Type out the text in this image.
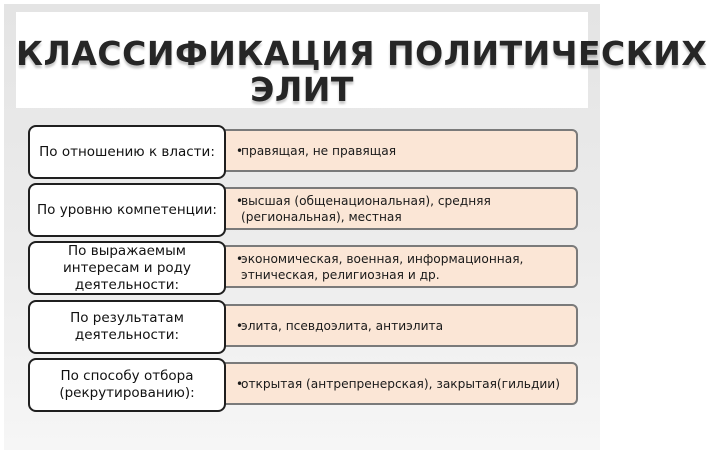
КЛАССИФИКАЦИЯ ПОЛИТИЧЕСКИХ
ЭЛИТ
•
правящая, не правящая
По отношению к власти:
•
высшая (общенациональная), средняя (региональная), местная
По уровню компетенции:
•
экономическая, военная, информационная, этническая, религиозная и др.
По выражаемым интересам и роду деятельности:
•
элита, псевдоэлита, антиэлита
По результатам деятельности:
•
открытая (антрепренерская), закрытая(гильдии)
По способу отбора (рекрутированию):
